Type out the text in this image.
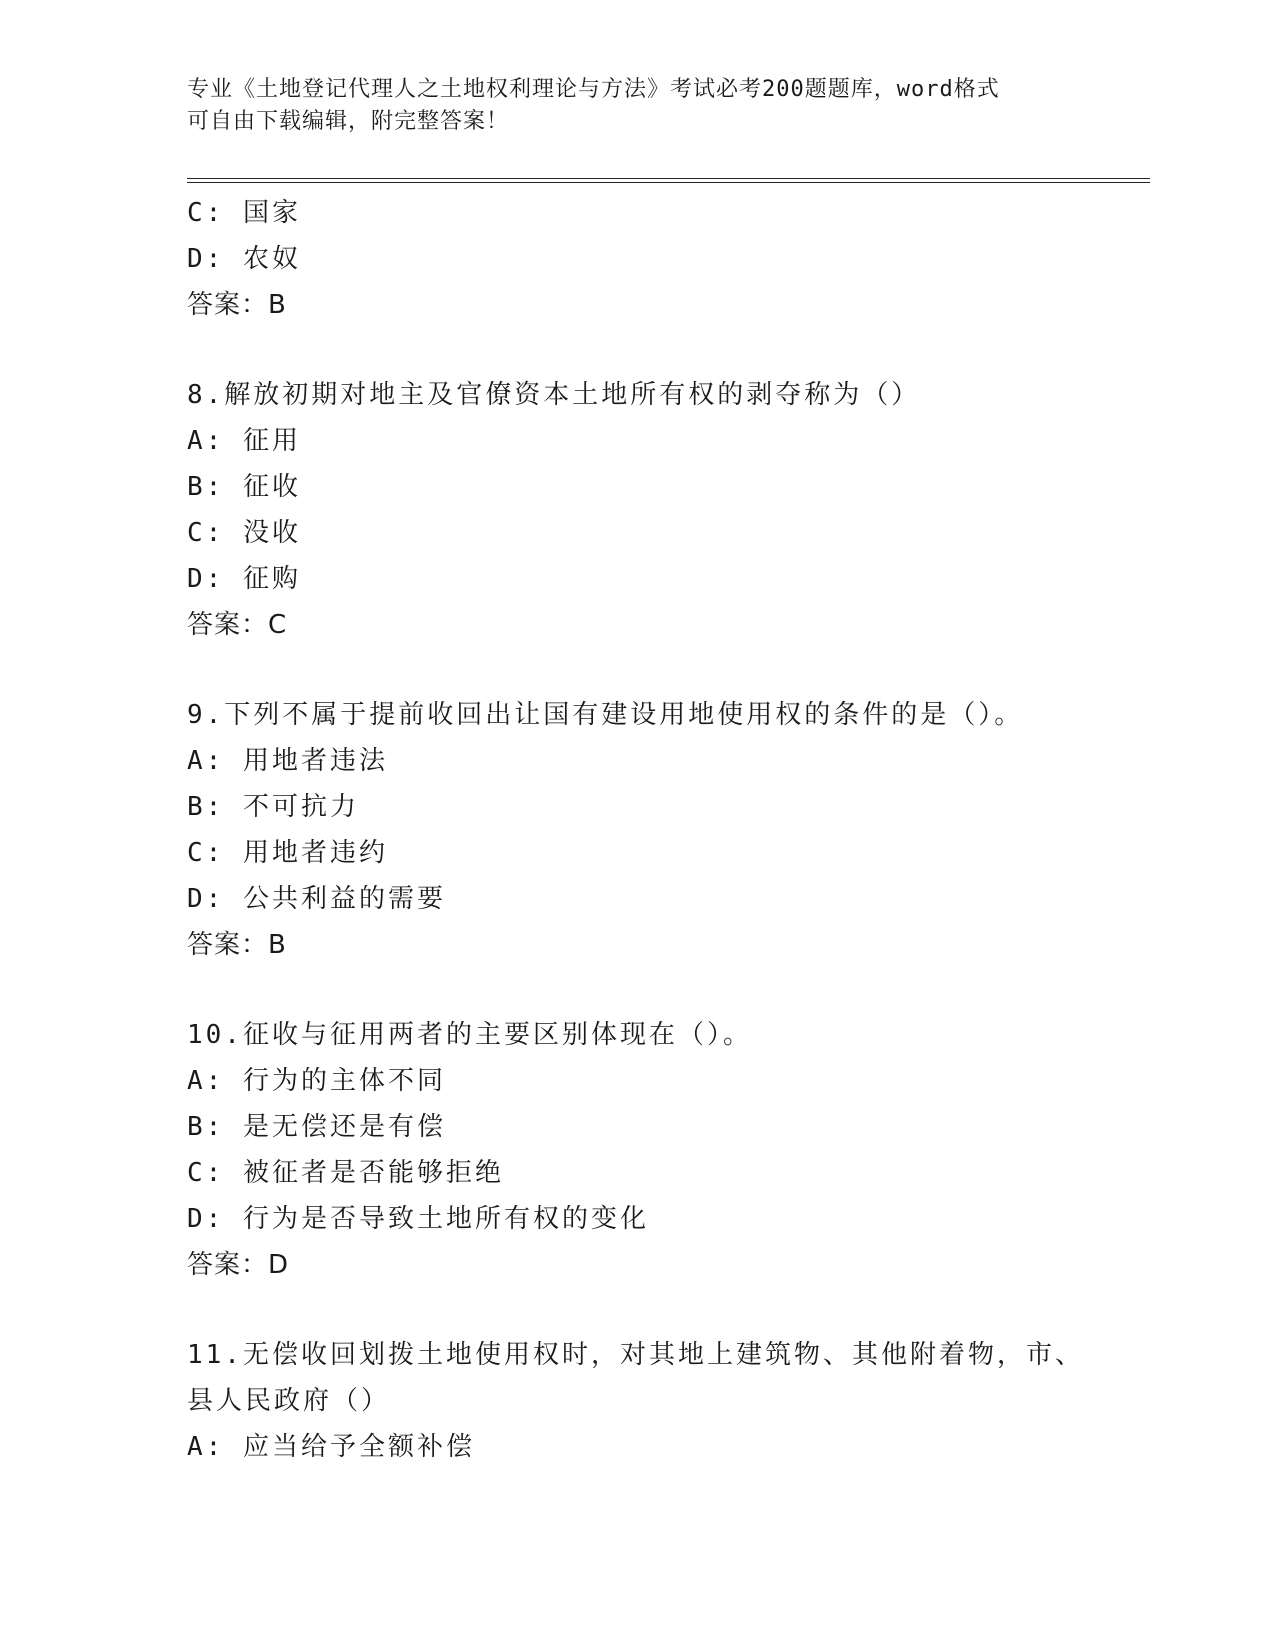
专业《土地登记代理人之土地权利理论与方法》考试必考200题题库，word格式
可自由下载编辑，附完整答案！
C: 国家
D: 农奴
答案：B
8.解放初期对地主及官僚资本土地所有权的剥夺称为（）
A: 征用
B: 征收
C: 没收
D: 征购
答案：C
9.下列不属于提前收回出让国有建设用地使用权的条件的是（）。
A: 用地者违法
B: 不可抗力
C: 用地者违约
D: 公共利益的需要
答案：B
10.征收与征用两者的主要区别体现在（）。
A: 行为的主体不同
B: 是无偿还是有偿
C: 被征者是否能够拒绝
D: 行为是否导致土地所有权的变化
答案：D
11.无偿收回划拨土地使用权时，对其地上建筑物、其他附着物，市、
县人民政府（）
A: 应当给予全额补偿
